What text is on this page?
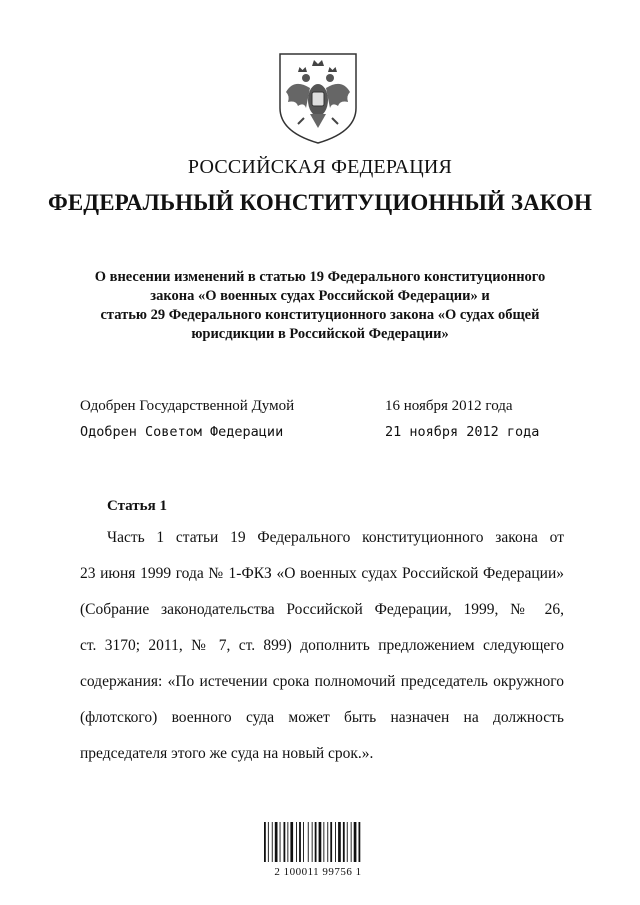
РОССИЙСКАЯ ФЕДЕРАЦИЯ
ФЕДЕРАЛЬНЫЙ КОНСТИТУЦИОННЫЙ ЗАКОН
О внесении изменений в статью 19 Федерального конституционного
закона «О военных судах Российской Федерации» и
статью 29 Федерального конституционного закона «О судах общей
юрисдикции в Российской Федерации»
Одобрен Государственной Думой	16 ноября 2012 года
Одобрен Советом Федерации	21 ноября 2012 года
Статья 1
Часть 1 статьи 19 Федерального конституционного закона от
23 июня 1999 года № 1-ФКЗ «О военных судах Российской Федерации»
(Собрание законодательства Российской Федерации, 1999, № 26,
ст. 3170; 2011, № 7, ст. 899) дополнить предложением следующего
содержания: «По истечении срока полномочий председатель окружного
(флотского) военного суда может быть назначен на должность
председателя этого же суда на новый срок.».
2 100011 99756 1
